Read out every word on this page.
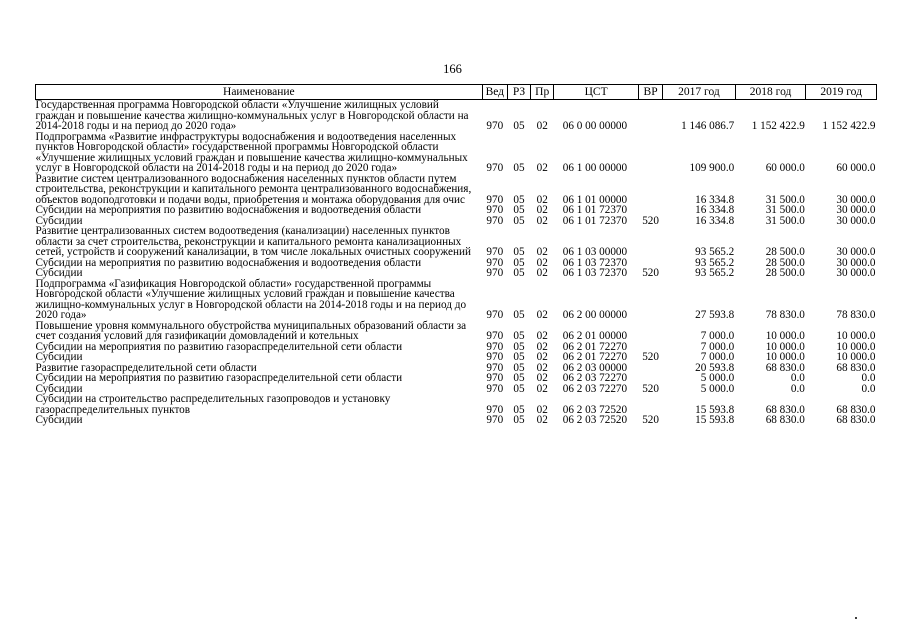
166
Наименование	Вед	РЗ	Пр	ЦСТ	ВР	2017 год	2018 год	2019 год
Государственная программа Новгородской области «Улучшение жилищных условий граждан и повышение качества жилищно-коммунальных услуг в Новгородской области на 2014-2018 годы и на период до 2020 года»	970	05	02	06 0 00 00000		1 146 086.7	1 152 422.9	1 152 422.9
Подпрограмма «Развитие инфраструктуры водоснабжения и водоотведения населенных пунктов Новгородской области» государственной программы Новгородской области «Улучшение жилищных условий граждан и повышение качества жилищно-коммунальных услуг в Новгородской области на 2014-2018 годы и на период до 2020 года»	970	05	02	06 1 00 00000		109 900.0	60 000.0	60 000.0
Развитие систем централизованного водоснабжения населенных пунктов области путем строительства, реконструкции и капитального ремонта централизованного водоснабжения, объектов водоподготовки и подачи воды, приобретения и монтажа оборудования для очис	970	05	02	06 1 01 00000		16 334.8	31 500.0	30 000.0
Субсидии на мероприятия по развитию водоснабжения и водоотведения области	970	05	02	06 1 01 72370		16 334.8	31 500.0	30 000.0
Субсидии	970	05	02	06 1 01 72370	520	16 334.8	31 500.0	30 000.0
Развитие централизованных систем водоотведения (канализации) населенных пунктов области за счет строительства, реконструкции и капитального ремонта канализационных сетей, устройств и сооружений канализации, в том числе локальных очистных сооружений	970	05	02	06 1 03 00000		93 565.2	28 500.0	30 000.0
Субсидии на мероприятия по развитию водоснабжения и водоотведения области	970	05	02	06 1 03 72370		93 565.2	28 500.0	30 000.0
Субсидии	970	05	02	06 1 03 72370	520	93 565.2	28 500.0	30 000.0
Подпрограмма «Газификация Новгородской области» государственной программы Новгородской области «Улучшение жилищных условий граждан и повышение качества жилищно-коммунальных услуг в Новгородской области на 2014-2018 годы и на период до 2020 года»	970	05	02	06 2 00 00000		27 593.8	78 830.0	78 830.0
Повышение уровня коммунального обустройства муниципальных образований области за счет создания условий для газификации домовладений и котельных	970	05	02	06 2 01 00000		7 000.0	10 000.0	10 000.0
Субсидии на мероприятия по развитию газораспределительной сети области	970	05	02	06 2 01 72270		7 000.0	10 000.0	10 000.0
Субсидии	970	05	02	06 2 01 72270	520	7 000.0	10 000.0	10 000.0
Развитие газораспределительной сети области	970	05	02	06 2 03 00000		20 593.8	68 830.0	68 830.0
Субсидии на мероприятия по развитию газораспределительной сети области	970	05	02	06 2 03 72270		5 000.0	0.0	0.0
Субсидии	970	05	02	06 2 03 72270	520	5 000.0	0.0	0.0
Субсидии на строительство распределительных газопроводов и установку газораспределительных пунктов	970	05	02	06 2 03 72520		15 593.8	68 830.0	68 830.0
Субсидии	970	05	02	06 2 03 72520	520	15 593.8	68 830.0	68 830.0
